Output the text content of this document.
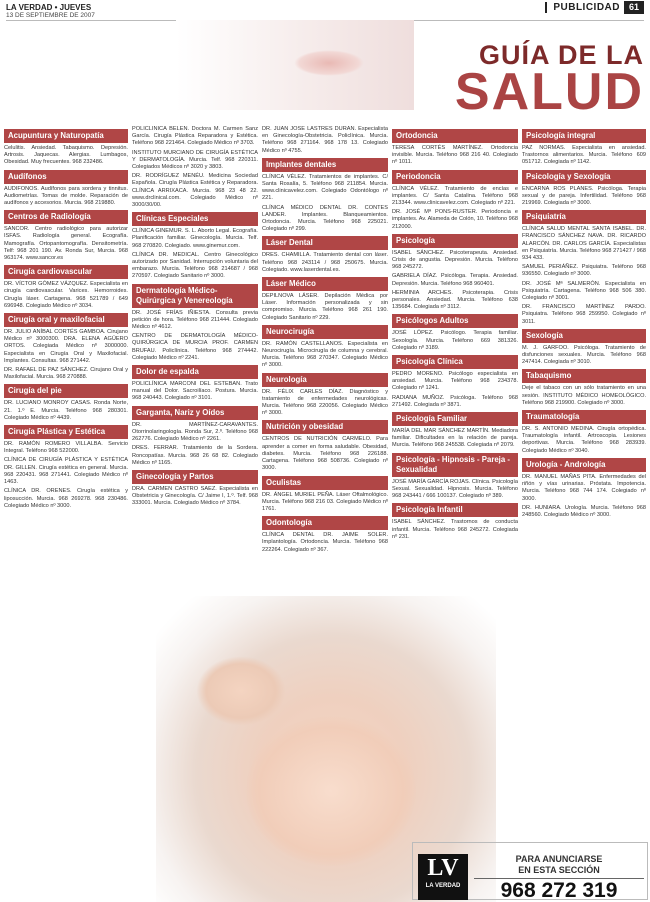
LA VERDAD • JUEVES
13 DE SEPTIEMBRE DE 2007
PUBLICIDAD 61
GUÍA DE LA
SALUD
Acupuntura y Naturopatía
Celulitis. Ansiedad. Tabaquismo. Depresión. Artrosis. Jaquecas. Alergias. Lumbagos, Obesidad. Muy frecuentes. 968 232486.
Audífonos
AUDIFONOS. Audífonos para sordera y tinnitus. Audiometrías. Tomas de molde. Reparación de audífonos y accesorios. Murcia. 968 219880.
Centros de Radiología
SANCOR. Centro radiológico para autorizar ISFAS. Radiología general. Ecografía. Mamografía. Ortopantomografía. Densitometría. Telf: 968 201 190. Av. Ronda Sur, Murcia. 968 963174. www.sancor.es
Cirugía cardiovascular
DR. VÍCTOR GÓMEZ VÁZQUEZ. Especialista en cirugía cardiovascular. Varices. Hemorroides. Cirugía láser. Cartagena. 968 521789 / 649 696948. Colegiado Médico nº 3034.
Cirugía oral y maxilofacial
DR. JULIO ANÍBAL CORTÉS GAMBOA. Cirujano Médico nº 3000300. DRA. ELENA AGÜERO ORTOS. Colegiada Médico nº 3000000. Especialista en Cirugía Oral y Maxilofacial. Implantes. Consultas. 968 271442.
DR. RAFAEL DE PAZ SÁNCHEZ. Cirujano Oral y Maxilofacial. Murcia. 968 270888.
Cirugía del pie
DR. LUCIANO MONROY CASAS. Ronda Norte, 21. 1.º E. Murcia. Teléfono 968 280301. Colegiado Médico nº 4439.
Cirugía Plástica y Estética
DR. RAMÓN ROMERO VILLALBA. Servicio Integral. Teléfono 968 522000.
CLÍNICA DE CIRUGÍA PLÁSTICA Y ESTÉTICA DR. GILLEN. Cirugía estética en general. Murcia. 968 220431. 968 271441. Colegiado Médico nº 1463.
CLÍNICA DR. ORENES. Cirugía estética y liposucción. Murcia. 968 269278. 968 230486. Colegiado Médico nº 3000.
POLICLÍNICA BELÉN. Doctora M. Carmen Sanz García. Cirugía Plástica Reparadora y Estética. Teléfono 968 221464. Colegiado Médico nº 3703.
INSTITUTO MURCIANO DE CIRUGÍA ESTÉTICA Y DERMATOLOGÍA. Murcia. Telf. 968 220311. Colegiados Médicos nº 3020 y 3803.
DR. RODRÍGUEZ MENÉU. Medicina Sociedad Española. Cirugía Plástica Estética y Reparadora. CLÍNICA ARRIXACA. Murcia. 968 23 48 22. www.drclinical.com. Colegiado Médico nº 3000/30/00.
Clínicas Especiales
CLÍNICA GINEMUR. S. L. Aborto Legal. Ecografía. Planificación familiar. Ginecología. Murcia. Telf. 968 270820. Colegiado. www.ginemur.com.
CLÍNICA DR. MEDICAL. Centro Ginecológico autorizado por Sanidad. Interrupción voluntaria del embarazo. Murcia. Teléfono 968 214687 / 968 270597. Colegiado Sanitario nº 3000.
Dermatología Médico-Quirúrgica y Venereología
DR. JOSÉ FRÍAS IÑIESTA. Consulta previa petición de hora. Teléfono 968 211444. Colegiado Médico nº 4612.
CENTRO DE DERMATOLOGÍA MÉDICO-QUIRÚRGICA DE MURCIA PROF. CARMEN BRUFAU. Policlínica. Teléfono 968 274442. Colegiado Médico nº 2241.
Dolor de espalda
POLICLÍNICA MARCONI DEL ESTEBAN. Trato manual del Dolor. Sacroilíaco. Postura. Murcia. 968 240443. Colegiado nº 3101.
Garganta, Nariz y Oídos
DR. MARTÍNEZ-CARAVANTES. Otorrinolaringología. Ronda Sur, 2.º. Teléfono 968 262776. Colegiado Médico nº 2261.
DRES. FERRAR. Tratamiento de la Sordera. Roncopatías. Murcia. 968 26 68 82. Colegiado Médico nº 1165.
Ginecología y Partos
DRA. CARMEN CASTRO SAEZ. Especialista en Obstetricia y Ginecología. C/ Jaime I, 1.º. Telf. 968 333001. Murcia. Colegiado Médico nº 3784.
DR. JUAN JOSÉ LASTRES DURÁN. Especialista en Ginecología-Obstetricia. Policlínica. Murcia. Teléfono 968 271164. 968 178 13. Colegiado Médico nº 4755.
Implantes dentales
CLÍNICA VÉLEZ. Tratamientos de implantes. C/ Santa Rosalía, 5. Teléfono 968 211854. Murcia. www.clinicavelez.com. Colegiado Odontólogo nº 221.
CLÍNICA MÉDICO DENTAL DR. CONTES LANDER. Implantes. Blanqueamientos. Ortodoncia. Murcia. Teléfono 968 225021. Colegiado nº 299.
Láser Dental
DRES. CHAMILLA. Tratamiento dental con láser. Teléfono 968 243114 / 968 250675. Murcia. Colegiado. www.laserdental.es.
Láser Médico
DEPILNOVA LÁSER. Depilación Médica por Láser. Información personalizada y sin compromiso. Murcia. Teléfono 968 261 190. Colegiado Sanitario nº 229.
Neurocirugía
DR. RAMÓN CASTELLANOS. Especialista en Neurocirugía. Microcirugía de columna y cerebral. Murcia. Teléfono 968 270347. Colegiado Médico nº 3000.
Neurología
DR. FÉLIX CARLES DÍAZ. Diagnóstico y tratamiento de enfermedades neurológicas. Murcia. Teléfono 968 220056. Colegiado Médico nº 3000.
Nutrición y obesidad
CENTROS DE NUTRICIÓN CARMELO. Para aprender a comer en forma saludable. Obesidad, diabetes. Murcia. Teléfono 968 226188. Cartagena. Teléfono 968 508736. Colegiado nº 3000.
Oculistas
DR. ÁNGEL MURIEL PEÑA. Láser Oftalmológico. Murcia. Teléfono 968 216 03. Colegiado Médico nº 1761.
Odontología
CLÍNICA DENTAL DR. JAIME SOLER. Implantología. Ortodoncia. Murcia. Teléfono 968 222264. Colegiado nº 367.
Ortodoncia
TERESA CORTÉS MARTÍNEZ. Ortodoncia invisible. Murcia. Teléfono 968 216 40. Colegiado nº 1011.
Periodoncia
CLÍNICA VÉLEZ. Tratamiento de encías e implantes. C/ Santa Catalina. Teléfono 968 213344. www.clinicavelez.com. Colegiado nº 221.
DR. JOSÉ Mª PONS-RUSTER. Periodoncia e implantes. Av. Alameda de Colón, 10. Teléfono 968 212000.
Psicología
ISABEL SÁNCHEZ. Psicoterapeuta. Ansiedad. Crisis de angustia. Depresión. Murcia. Teléfono 968 245272.
GABRIELA DÍAZ. Psicóloga. Terapia. Ansiedad. Depresión. Murcia. Teléfono 968 960401.
HERMINIA ARCHES. Psicoterapia. Crisis personales. Ansiedad. Murcia. Teléfono 638 135684. Colegiada nº 3112.
Psicólogos Adultos
JOSÉ LÓPEZ. Psicólogo. Terapia familiar. Sexología. Murcia. Teléfono 669 381326. Colegiado nº 3189.
Psicología Clínica
PEDRO MORENO. Psicólogo especialista en ansiedad. Murcia. Teléfono 968 234378. Colegiado nº 1241.
RADIANA MUÑOZ. Psicóloga. Teléfono 968 271492. Colegiada nº 3871.
Psicología Familiar
MARÍA DEL MAR SÁNCHEZ MARTÍN. Mediadora familiar. Dificultades en la relación de pareja. Murcia. Teléfono 968 245538. Colegiada nº 2079.
Psicología - Hipnosis - Pareja - Sexualidad
JOSÉ MARÍA GARCÍA ROJAS. Clínica. Psicología Sexual. Sexualidad. Hipnosis. Murcia. Teléfono 968 243441 / 666 100137. Colegiado nº 389.
Psicología Infantil
ISABEL SÁNCHEZ. Trastornos de conducta infantil. Murcia. Teléfono 968 245272. Colegiada nº 231.
LV
LA VERDAD
PARA ANUNCIARSE
EN ESTA SECCIÓN
968 272 319
Psicología integral
PAZ NORMAS. Especialista en ansiedad. Trastornos alimentarios. Murcia. Teléfono 609 051712. Colegiada nº 1142.
Psicología y Sexología
ENCARNA ROS PLANES. Psicóloga. Terapia sexual y de pareja. Infertilidad. Teléfono 968 219969. Colegiada nº 3000.
Psiquiatría
CLÍNICA SALUD MENTAL SANTA ISABEL. DR. FRANCISCO SÁNCHEZ NAVA. DR. RICARDO ALARCÓN. DR. CARLOS GARCÍA. Especialistas en Psiquiatría. Murcia. Teléfono 968 271427 / 968 934 433.
SAMUEL PERIÁÑEZ. Psiquiatra. Teléfono 968 936550. Colegiado nº 3000.
DR. JOSÉ Mª SALMERÓN. Especialista en Psiquiatría. Cartagena. Teléfono 968 506 380. Colegiado nº 3001.
DR. FRANCISCO MARTÍNEZ PARDO. Psiquiatra. Teléfono 968 259950. Colegiado nº 3011.
Sexología
M. J. GARFOO. Psicóloga. Tratamiento de disfunciones sexuales. Murcia. Teléfono 968 247414. Colegiada nº 3010.
Tabaquismo
Deje el tabaco con un sólo tratamiento en una sesión. INSTITUTO MÉDICO HOMEOLÓGICO. Teléfono 968 219900. Colegiado nº 3000.
Traumatología
DR. S. ANTONIO MEDINA. Cirugía ortopédica. Traumatología infantil. Artroscopia. Lesiones deportivas. Murcia. Teléfono 968 283939. Colegiado Médico nº 3040.
Urología - Andrología
DR. MANUEL MAÑAS PITA. Enfermedades del riñón y vías urinarias. Próstata. Impotencia. Murcia. Teléfono 968 744 174. Colegiado nº 3000.
DR. HUNIARA. Urología. Murcia. Teléfono 968 248560. Colegiado Médico nº 3000.
